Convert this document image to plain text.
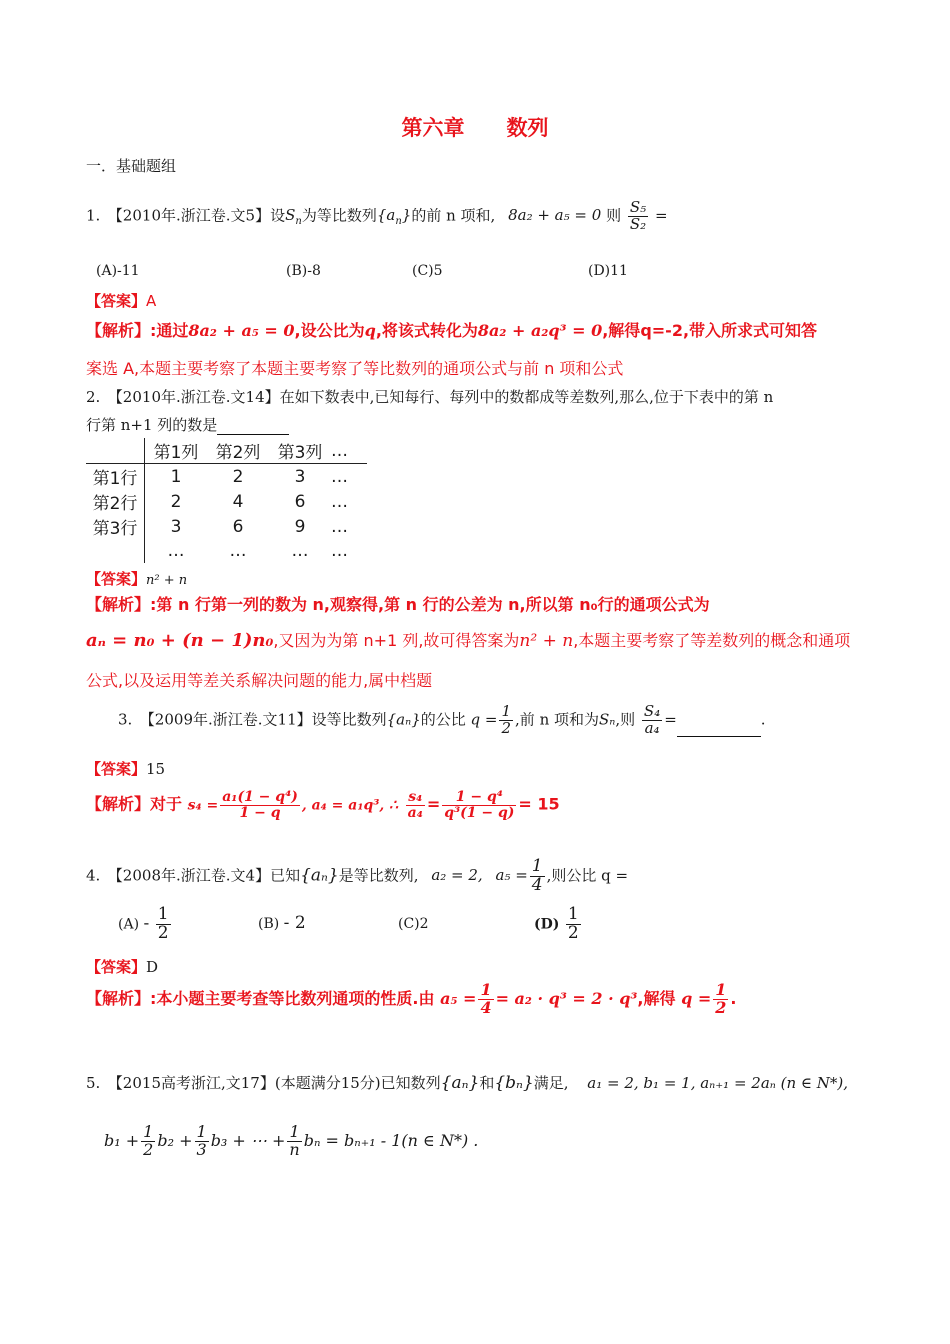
第六章　　数列
一．基础题组
1.　【2010年.浙江卷.文5】设$S_n$为等比数列$\{a_n\}$的前 n 项和, 8a₂ + a₅ = 0 则 $\frac{\text{S₅}}{\text{S₂}}$ =
(A)-11	(B)-8	(C)5	(D)11
【答案】A
【解析】:通过8a₂ + a₅ = 0,设公比为q,将该式转化为8a₂ + a₂q³ = 0,解得q=-2,带入所求式可知答
案选 A,本题主要考察了本题主要考察了等比数列的通项公式与前 n 项和公式
2.　【2010年.浙江卷.文14】在如下数表中,已知每行、每列中的数都成等差数列,那么,位于下表中的第 n
行第 n+1 列的数是
	第1列	第2列	第3列	…
第1行	1	2	3	…
第2行	2	4	6	…
第3行	3	6	9	…
	…	…	…	…
【答案】n² + n
【解析】:第 n 行第一列的数为 n,观察得,第 n 行的公差为 n,所以第 n₀行的通项公式为
aₙ = n₀ + (n − 1)n₀,又因为为第 n+1 列,故可得答案为n² + n,本题主要考察了等差数列的概念和通项
公式,以及运用等差关系解决问题的能力,属中档题
3.　【2009年.浙江卷.文11】设等比数列{aₙ}的公比 $q = \frac{1}{2}$ ,前 n 项和为Sₙ,则 $\frac{\text{S₄}}{\text{a₄}}$ =	.
【答案】15
【解析】对于 $s_4 = \frac{\text{a₁(1 − q⁴)}}{1 - q}$ , a₄ = a₁q³, ∴ $\frac{\text{s₄}}{\text{a₄}} = \frac{\text{1 − q⁴}}{\text{q³(1 − q)}} = 15$
4.　【2008年.浙江卷.文4】已知{aₙ}是等比数列, a₂ = 2, $a_5 = \frac{1}{4}$ ,则公比 q =
$(A) - \frac{1}{2}$	(B) - 2	(C)2	$(D) \frac{1}{2}$
【答案】D
【解析】:本小题主要考查等比数列通项的性质.由 $a_5 = \frac{1}{4} = a_2 \cdot q^3 = 2 \cdot q^3$,解得 $q = \frac{1}{2}$ .
5.　【2015高考浙江,文17】(本题满分15分)已知数列{aₙ}和{bₙ}满足, a₁ = 2, b₁ = 1, aₙ₊₁ = 2aₙ (n ∈ N*),
$b_1 + \frac{1}{2} b_2 + \frac{1}{3} b_3$ + ⋯ + $\frac{1}{n}$ bₙ = bₙ₊₁ - 1(n ∈ N*) .
